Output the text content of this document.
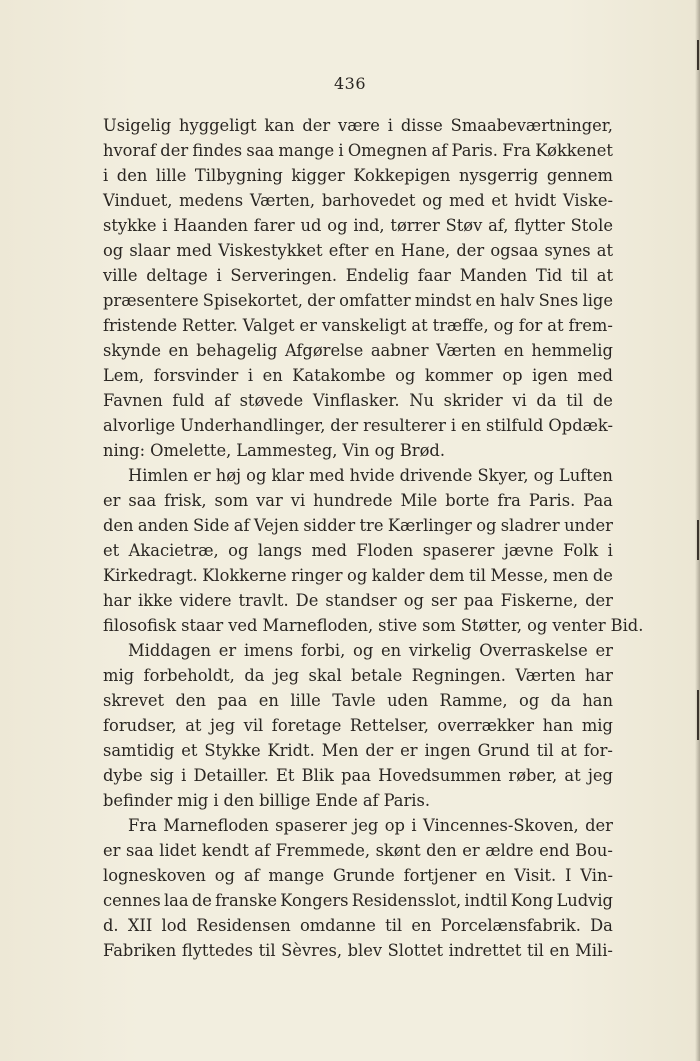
436
Usigelig hyggeligt kan der være i disse Smaabeværtninger,
hvoraf der findes saa mange i Omegnen af Paris. Fra Køkkenet
i den lille Tilbygning kigger Kokkepigen nysgerrig gennem
Vinduet, medens Værten, barhovedet og med et hvidt Viske-
stykke i Haanden farer ud og ind, tørrer Støv af, flytter Stole
og slaar med Viskestykket efter en Hane, der ogsaa synes at
ville deltage i Serveringen. Endelig faar Manden Tid til at
præsentere Spisekortet, der omfatter mindst en halv Snes lige
fristende Retter. Valget er vanskeligt at træffe, og for at frem-
skynde en behagelig Afgørelse aabner Værten en hemmelig
Lem, forsvinder i en Katakombe og kommer op igen med
Favnen fuld af støvede Vinflasker. Nu skrider vi da til de
alvorlige Underhandlinger, der resulterer i en stilfuld Opdæk-
ning: Omelette, Lammesteg, Vin og Brød.
Himlen er høj og klar med hvide drivende Skyer, og Luften
er saa frisk, som var vi hundrede Mile borte fra Paris. Paa
den anden Side af Vejen sidder tre Kærlinger og sladrer under
et Akacietræ, og langs med Floden spaserer jævne Folk i
Kirkedragt. Klokkerne ringer og kalder dem til Messe, men de
har ikke videre travlt. De standser og ser paa Fiskerne, der
filosofisk staar ved Marnefloden, stive som Støtter, og venter Bid.
Middagen er imens forbi, og en virkelig Overraskelse er
mig forbeholdt, da jeg skal betale Regningen. Værten har
skrevet den paa en lille Tavle uden Ramme, og da han
forudser, at jeg vil foretage Rettelser, overrækker han mig
samtidig et Stykke Kridt. Men der er ingen Grund til at for-
dybe sig i Detailler. Et Blik paa Hovedsummen røber, at jeg
befinder mig i den billige Ende af Paris.
Fra Marnefloden spaserer jeg op i Vincennes-Skoven, der
er saa lidet kendt af Fremmede, skønt den er ældre end Bou-
logneskoven og af mange Grunde fortjener en Visit. I Vin-
cennes laa de franske Kongers Residensslot, indtil Kong Ludvig
d. XII lod Residensen omdanne til en Porcelænsfabrik. Da
Fabriken flyttedes til Sèvres, blev Slottet indrettet til en Mili-
